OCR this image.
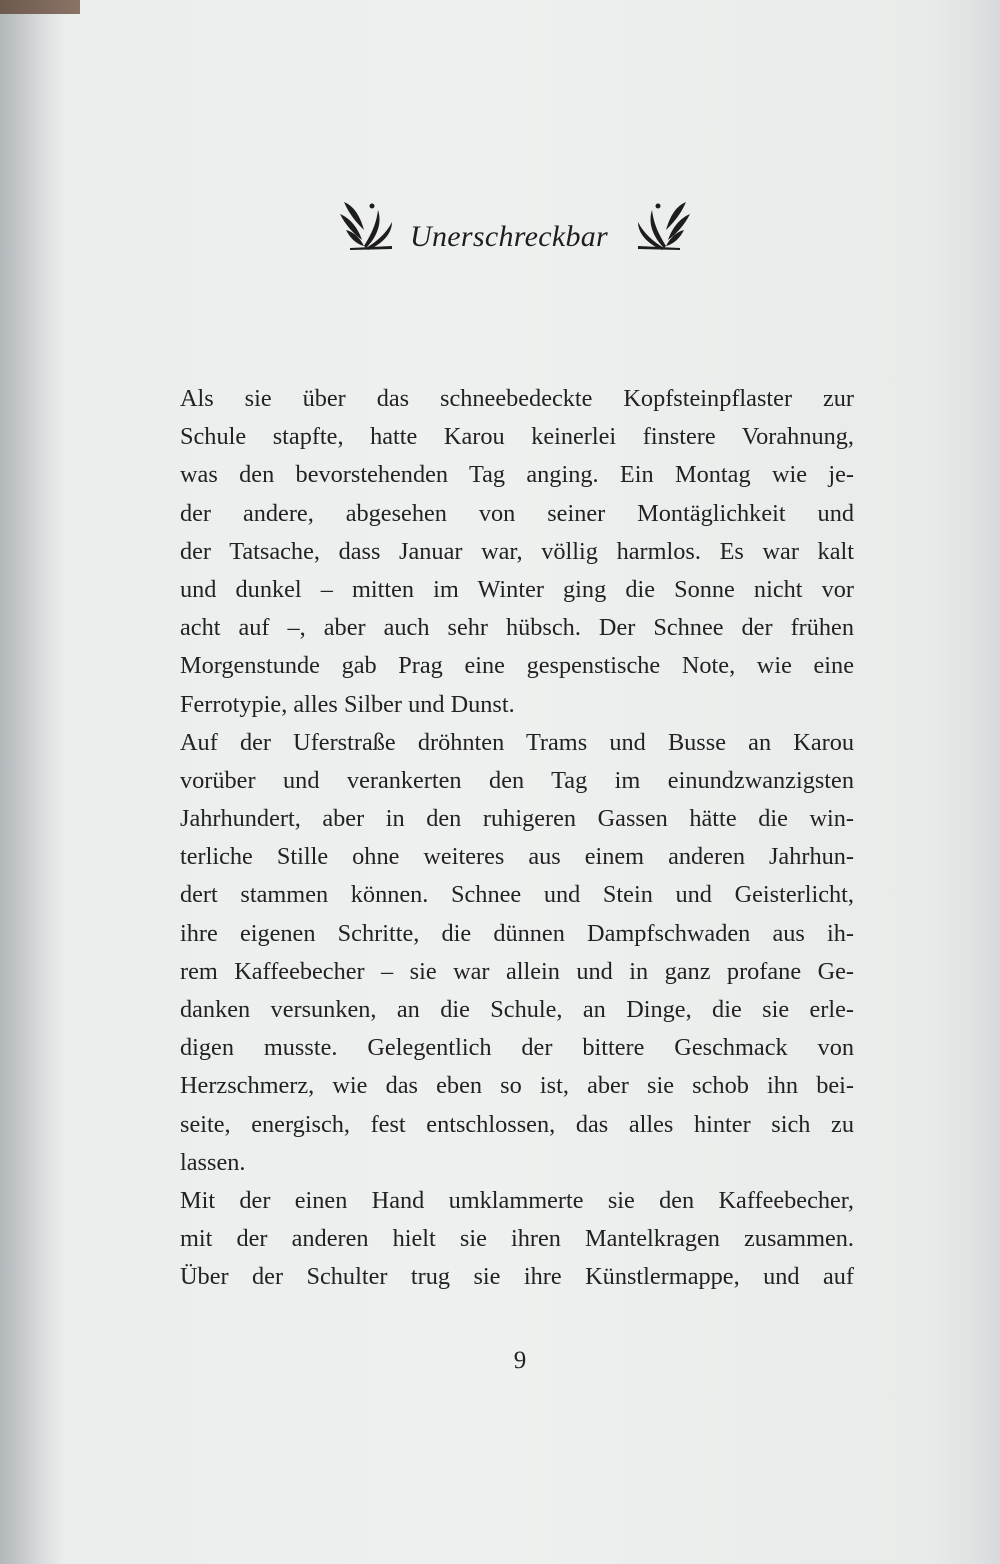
Unerschreckbar
Als sie über das schneebedeckte Kopfsteinpflaster zur
Schule stapfte, hatte Karou keinerlei finstere Vorahnung,
was den bevorstehenden Tag anging. Ein Montag wie je-
der andere, abgesehen von seiner Montäglichkeit und
der Tatsache, dass Januar war, völlig harmlos. Es war kalt
und dunkel – mitten im Winter ging die Sonne nicht vor
acht auf –, aber auch sehr hübsch. Der Schnee der frühen
Morgenstunde gab Prag eine gespenstische Note, wie eine
Ferrotypie, alles Silber und Dunst.
Auf der Uferstraße dröhnten Trams und Busse an Karou
vorüber und verankerten den Tag im einundzwanzigsten
Jahrhundert, aber in den ruhigeren Gassen hätte die win-
terliche Stille ohne weiteres aus einem anderen Jahrhun-
dert stammen können. Schnee und Stein und Geisterlicht,
ihre eigenen Schritte, die dünnen Dampfschwaden aus ih-
rem Kaffeebecher – sie war allein und in ganz profane Ge-
danken versunken, an die Schule, an Dinge, die sie erle-
digen musste. Gelegentlich der bittere Geschmack von
Herzschmerz, wie das eben so ist, aber sie schob ihn bei-
seite, energisch, fest entschlossen, das alles hinter sich zu
lassen.
Mit der einen Hand umklammerte sie den Kaffeebecher,
mit der anderen hielt sie ihren Mantelkragen zusammen.
Über der Schulter trug sie ihre Künstlermappe, und auf
9
